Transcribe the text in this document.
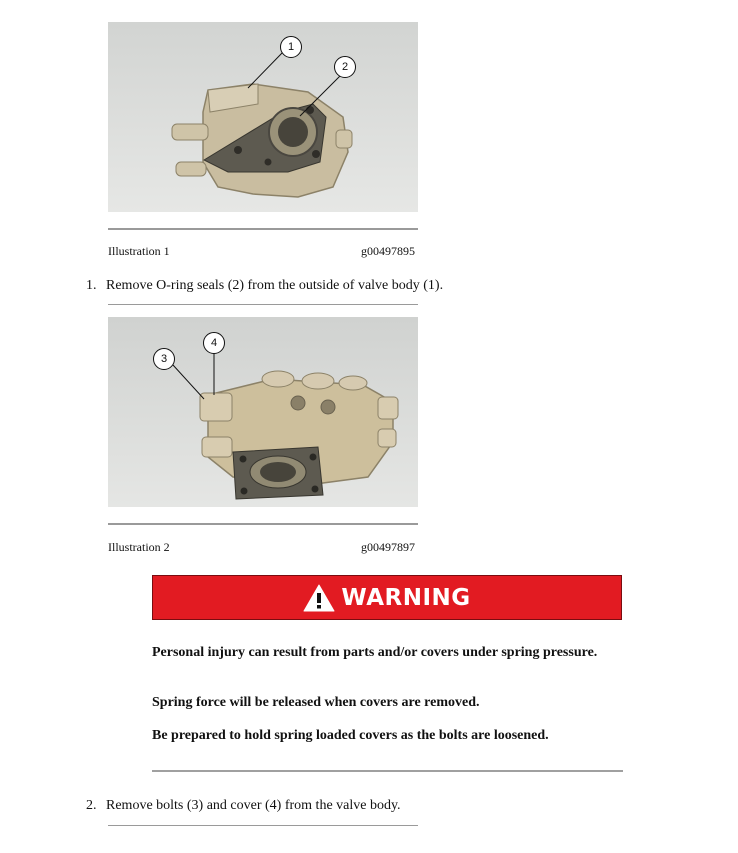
1
2
Illustration 1	g00497895
1. Remove O-ring seals (2) from the outside of valve body (1).
3
4
Illustration 2	g00497897
WARNING
Personal injury can result from parts and/or covers under spring pressure.
Spring force will be released when covers are removed.
Be prepared to hold spring loaded covers as the bolts are loosened.
2. Remove bolts (3) and cover (4) from the valve body.
